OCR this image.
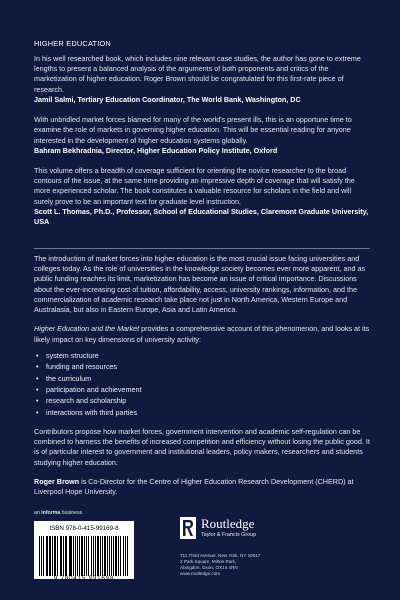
HIGHER EDUCATION

In his well researched book, which includes nine relevant case studies, the author has gone to extreme lengths to present a balanced analysis of the arguments of both proponents and critics of the marketization of higher education. Roger Brown should be congratulated for this first-rate piece of research.

Jamil Salmi, Tertiary Education Coordinator, The World Bank, Washington, DC

With unbridled market forces blamed for many of the world's present ills, this is an opportune time to examine the role of markets in governing higher education. This will be essential reading for anyone interested in the development of higher education systems globally.

Bahram Bekhradnia, Director, Higher Education Policy Institute, Oxford

This volume offers a breadth of coverage sufficient for orienting the novice researcher to the broad contours of the issue, at the same time providing an impressive depth of coverage that will satisfy the more experienced scholar. The book constitutes a valuable resource for scholars in the field and will surely prove to be an important text for graduate level instruction.

Scott L. Thomas, Ph.D., Professor, School of Educational Studies, Claremont Graduate University, USA

The introduction of market forces into higher education is the most crucial issue facing universities and colleges today. As the role of universities in the knowledge society becomes ever more apparent, and as public funding reaches its limit, marketization has become an issue of critical importance. Discussions about the ever-increasing cost of tuition, affordability, access, university rankings, information, and the commercialization of academic research take place not just in North America, Western Europe and Australasia, but also in Eastern Europe, Asia and Latin America.

Higher Education and the Market provides a comprehensive account of this phenomenon, and looks at its likely impact on key dimensions of university activity:

• system structure
• funding and resources
• the curriculum
• participation and achievement
• research and scholarship
• interactions with third parties

Contributors propose how market forces, government intervention and academic self-regulation can be combined to harness the benefits of increased competition and efficiency without losing the public good. It is of particular interest to government and institutional leaders, policy makers, researchers and students studying higher education.

Roger Brown is Co-Director for the Centre of Higher Education Research Development (CHERD) at Liverpool Hope University.

an informa business
ISBN 978-0-415-99169-8
9 780415 991698
Routledge
Taylor & Francis Group
711 Third Avenue, New York, NY 10017
2 Park Square, Milton Park,
Abingdon, Oxon, OX14 4RN
www.routledge.com
